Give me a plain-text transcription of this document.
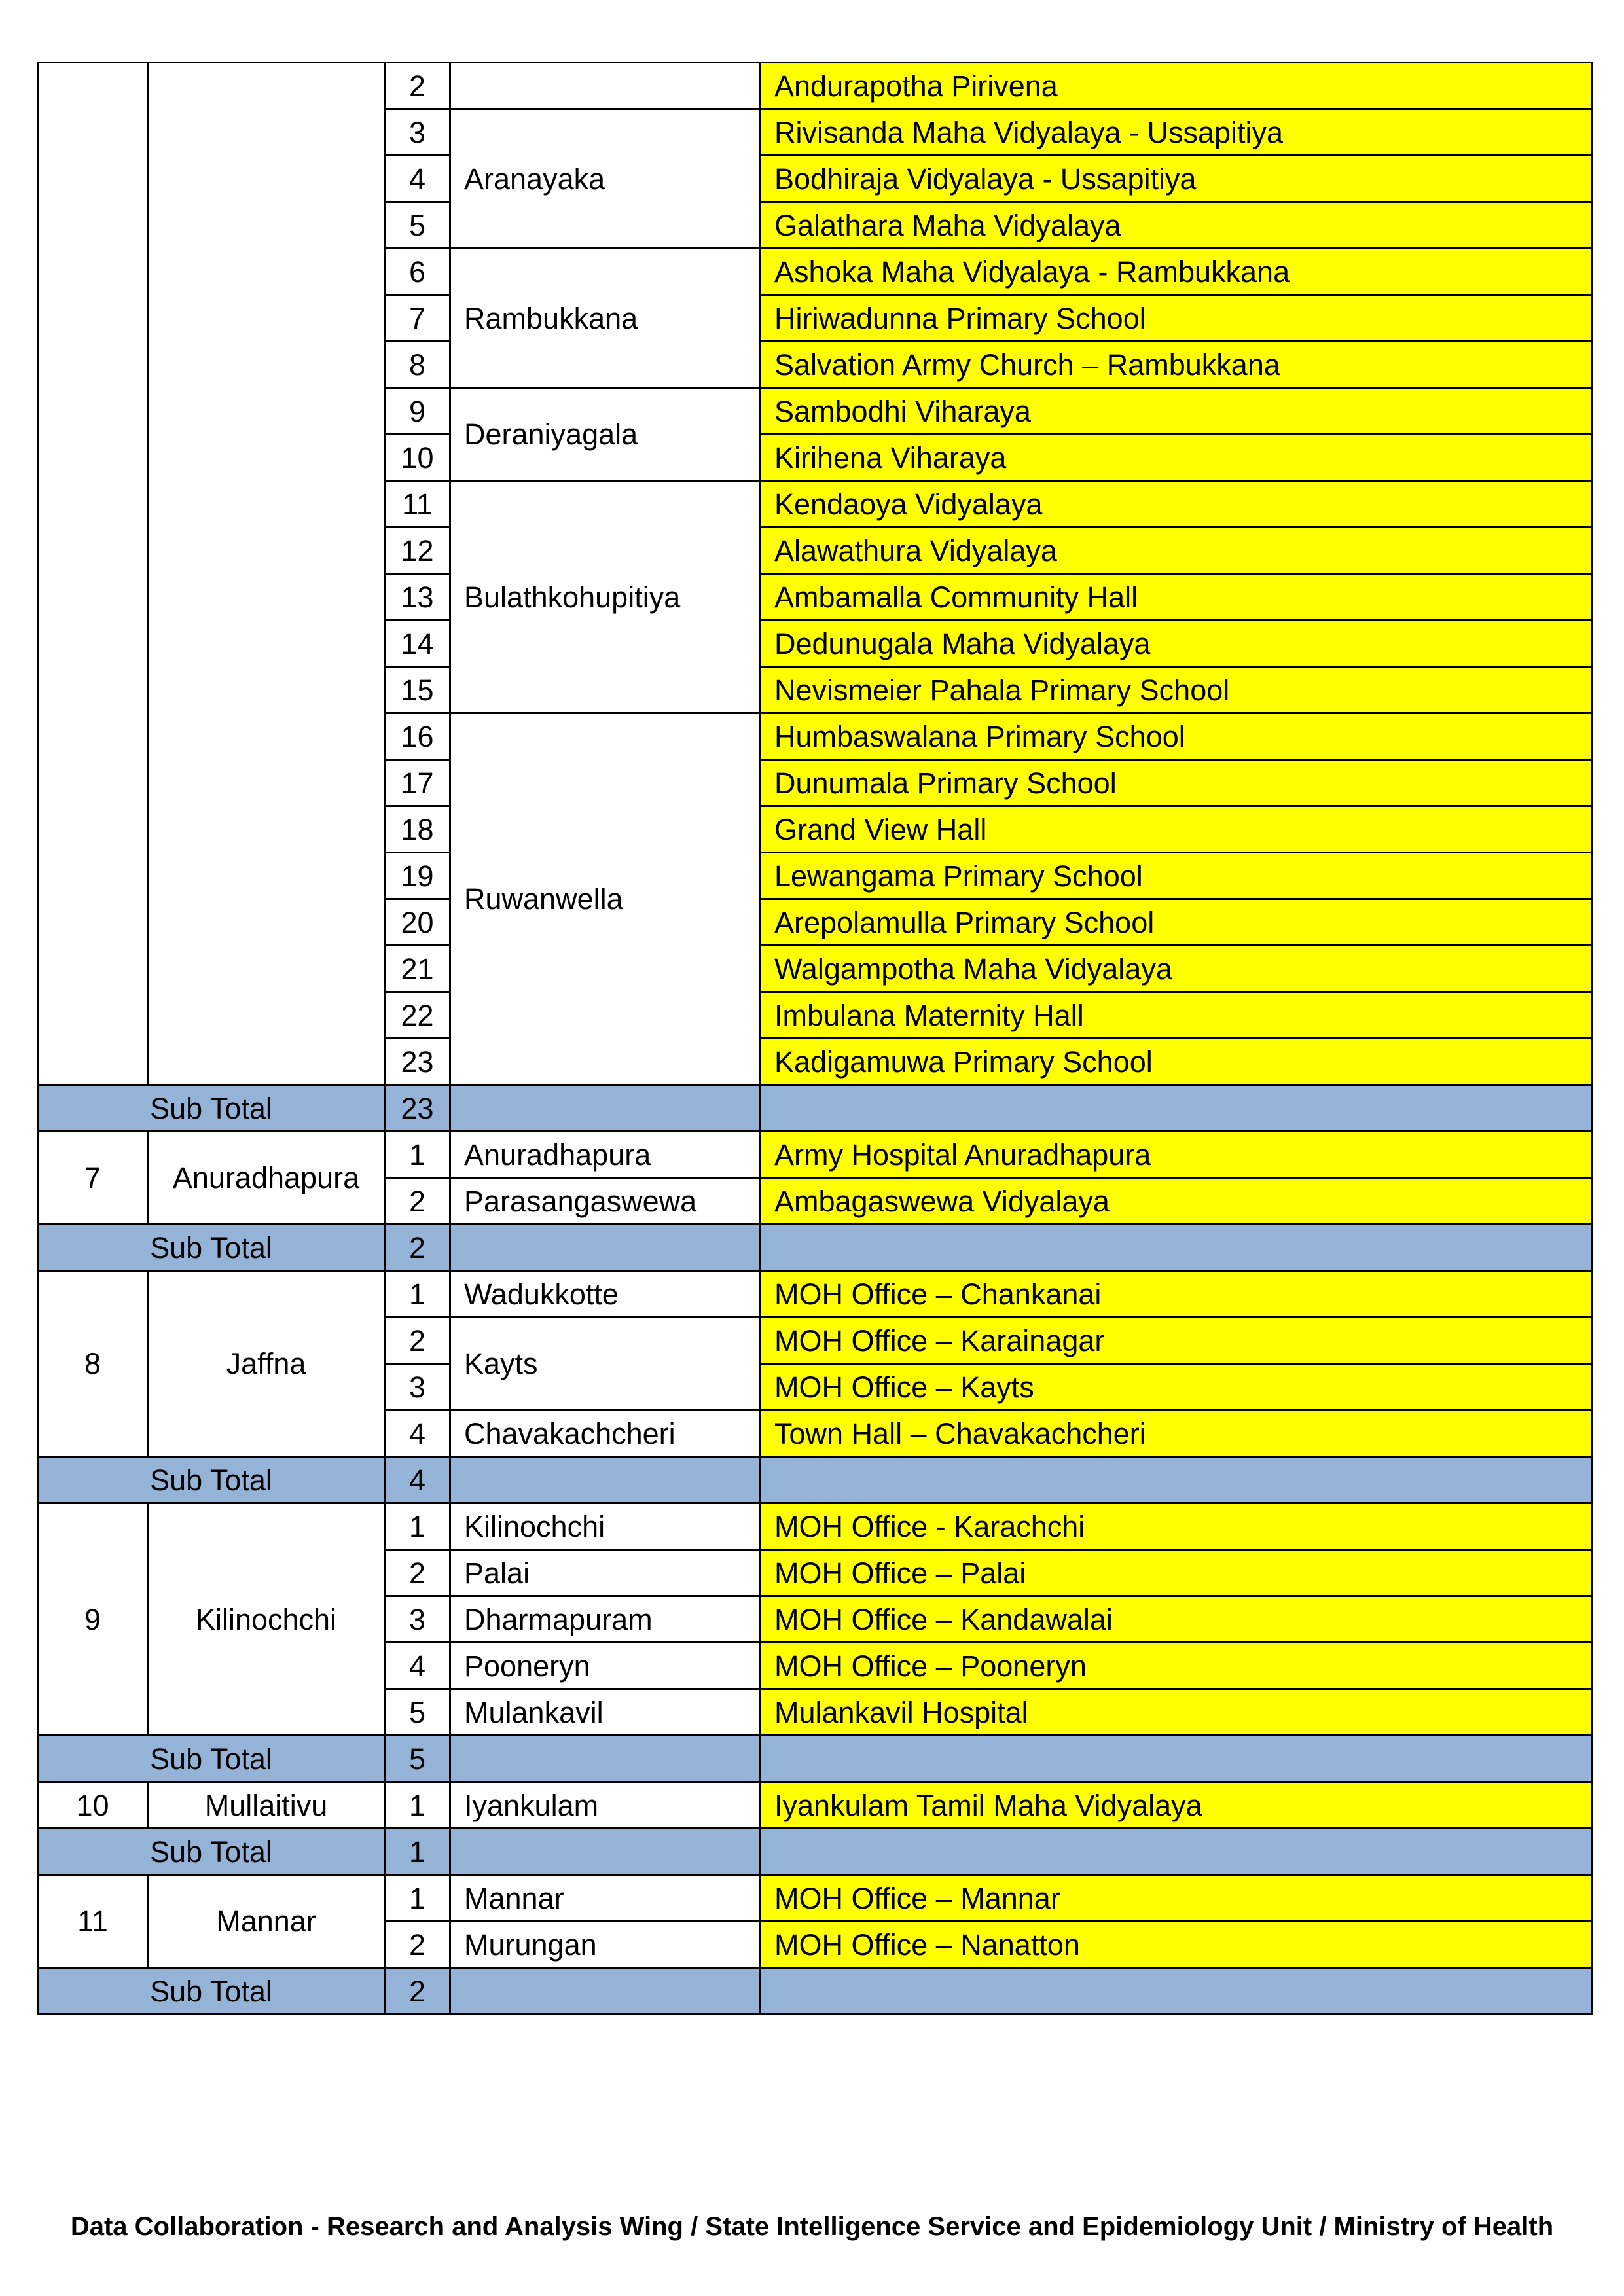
		2		Andurapotha Pirivena
		3	Aranayaka	Rivisanda Maha Vidyalaya - Ussapitiya
		4		Bodhiraja Vidyalaya - Ussapitiya
		5		Galathara Maha Vidyalaya
		6	Rambukkana	Ashoka Maha Vidyalaya - Rambukkana
		7		Hiriwadunna Primary School
		8		Salvation Army Church – Rambukkana
		9	Deraniyagala	Sambodhi Viharaya
		10		Kirihena Viharaya
		11	Bulathkohupitiya	Kendaoya Vidyalaya
		12		Alawathura Vidyalaya
		13		Ambamalla Community Hall
		14		Dedunugala Maha Vidyalaya
		15		Nevismeier Pahala Primary School
		16	Ruwanwella	Humbaswalana Primary School
		17		Dunumala Primary School
		18		Grand View Hall
		19		Lewangama Primary School
		20		Arepolamulla Primary School
		21		Walgampotha Maha Vidyalaya
		22		Imbulana Maternity Hall
		23		Kadigamuwa Primary School
Sub Total		23		
7	Anuradhapura	1	Anuradhapura	Army Hospital Anuradhapura
		2	Parasangaswewa	Ambagaswewa Vidyalaya
Sub Total		2		
8	Jaffna	1	Wadukkotte	MOH Office – Chankanai
		2	Kayts	MOH Office – Karainagar
		3		MOH Office – Kayts
		4	Chavakachcheri	Town Hall – Chavakachcheri
Sub Total		4		
9	Kilinochchi	1	Kilinochchi	MOH Office - Karachchi
		2	Palai	MOH Office – Palai
		3	Dharmapuram	MOH Office – Kandawalai
		4	Pooneryn	MOH Office – Pooneryn
		5	Mulankavil	Mulankavil Hospital
Sub Total		5		
10	Mullaitivu	1	Iyankulam	Iyankulam Tamil Maha Vidyalaya
Sub Total		1		
11	Mannar	1	Mannar	MOH Office – Mannar
		2	Murungan	MOH Office – Nanatton
Sub Total		2		
Data Collaboration - Research and Analysis Wing / State Intelligence Service and Epidemiology Unit / Ministry of Health
